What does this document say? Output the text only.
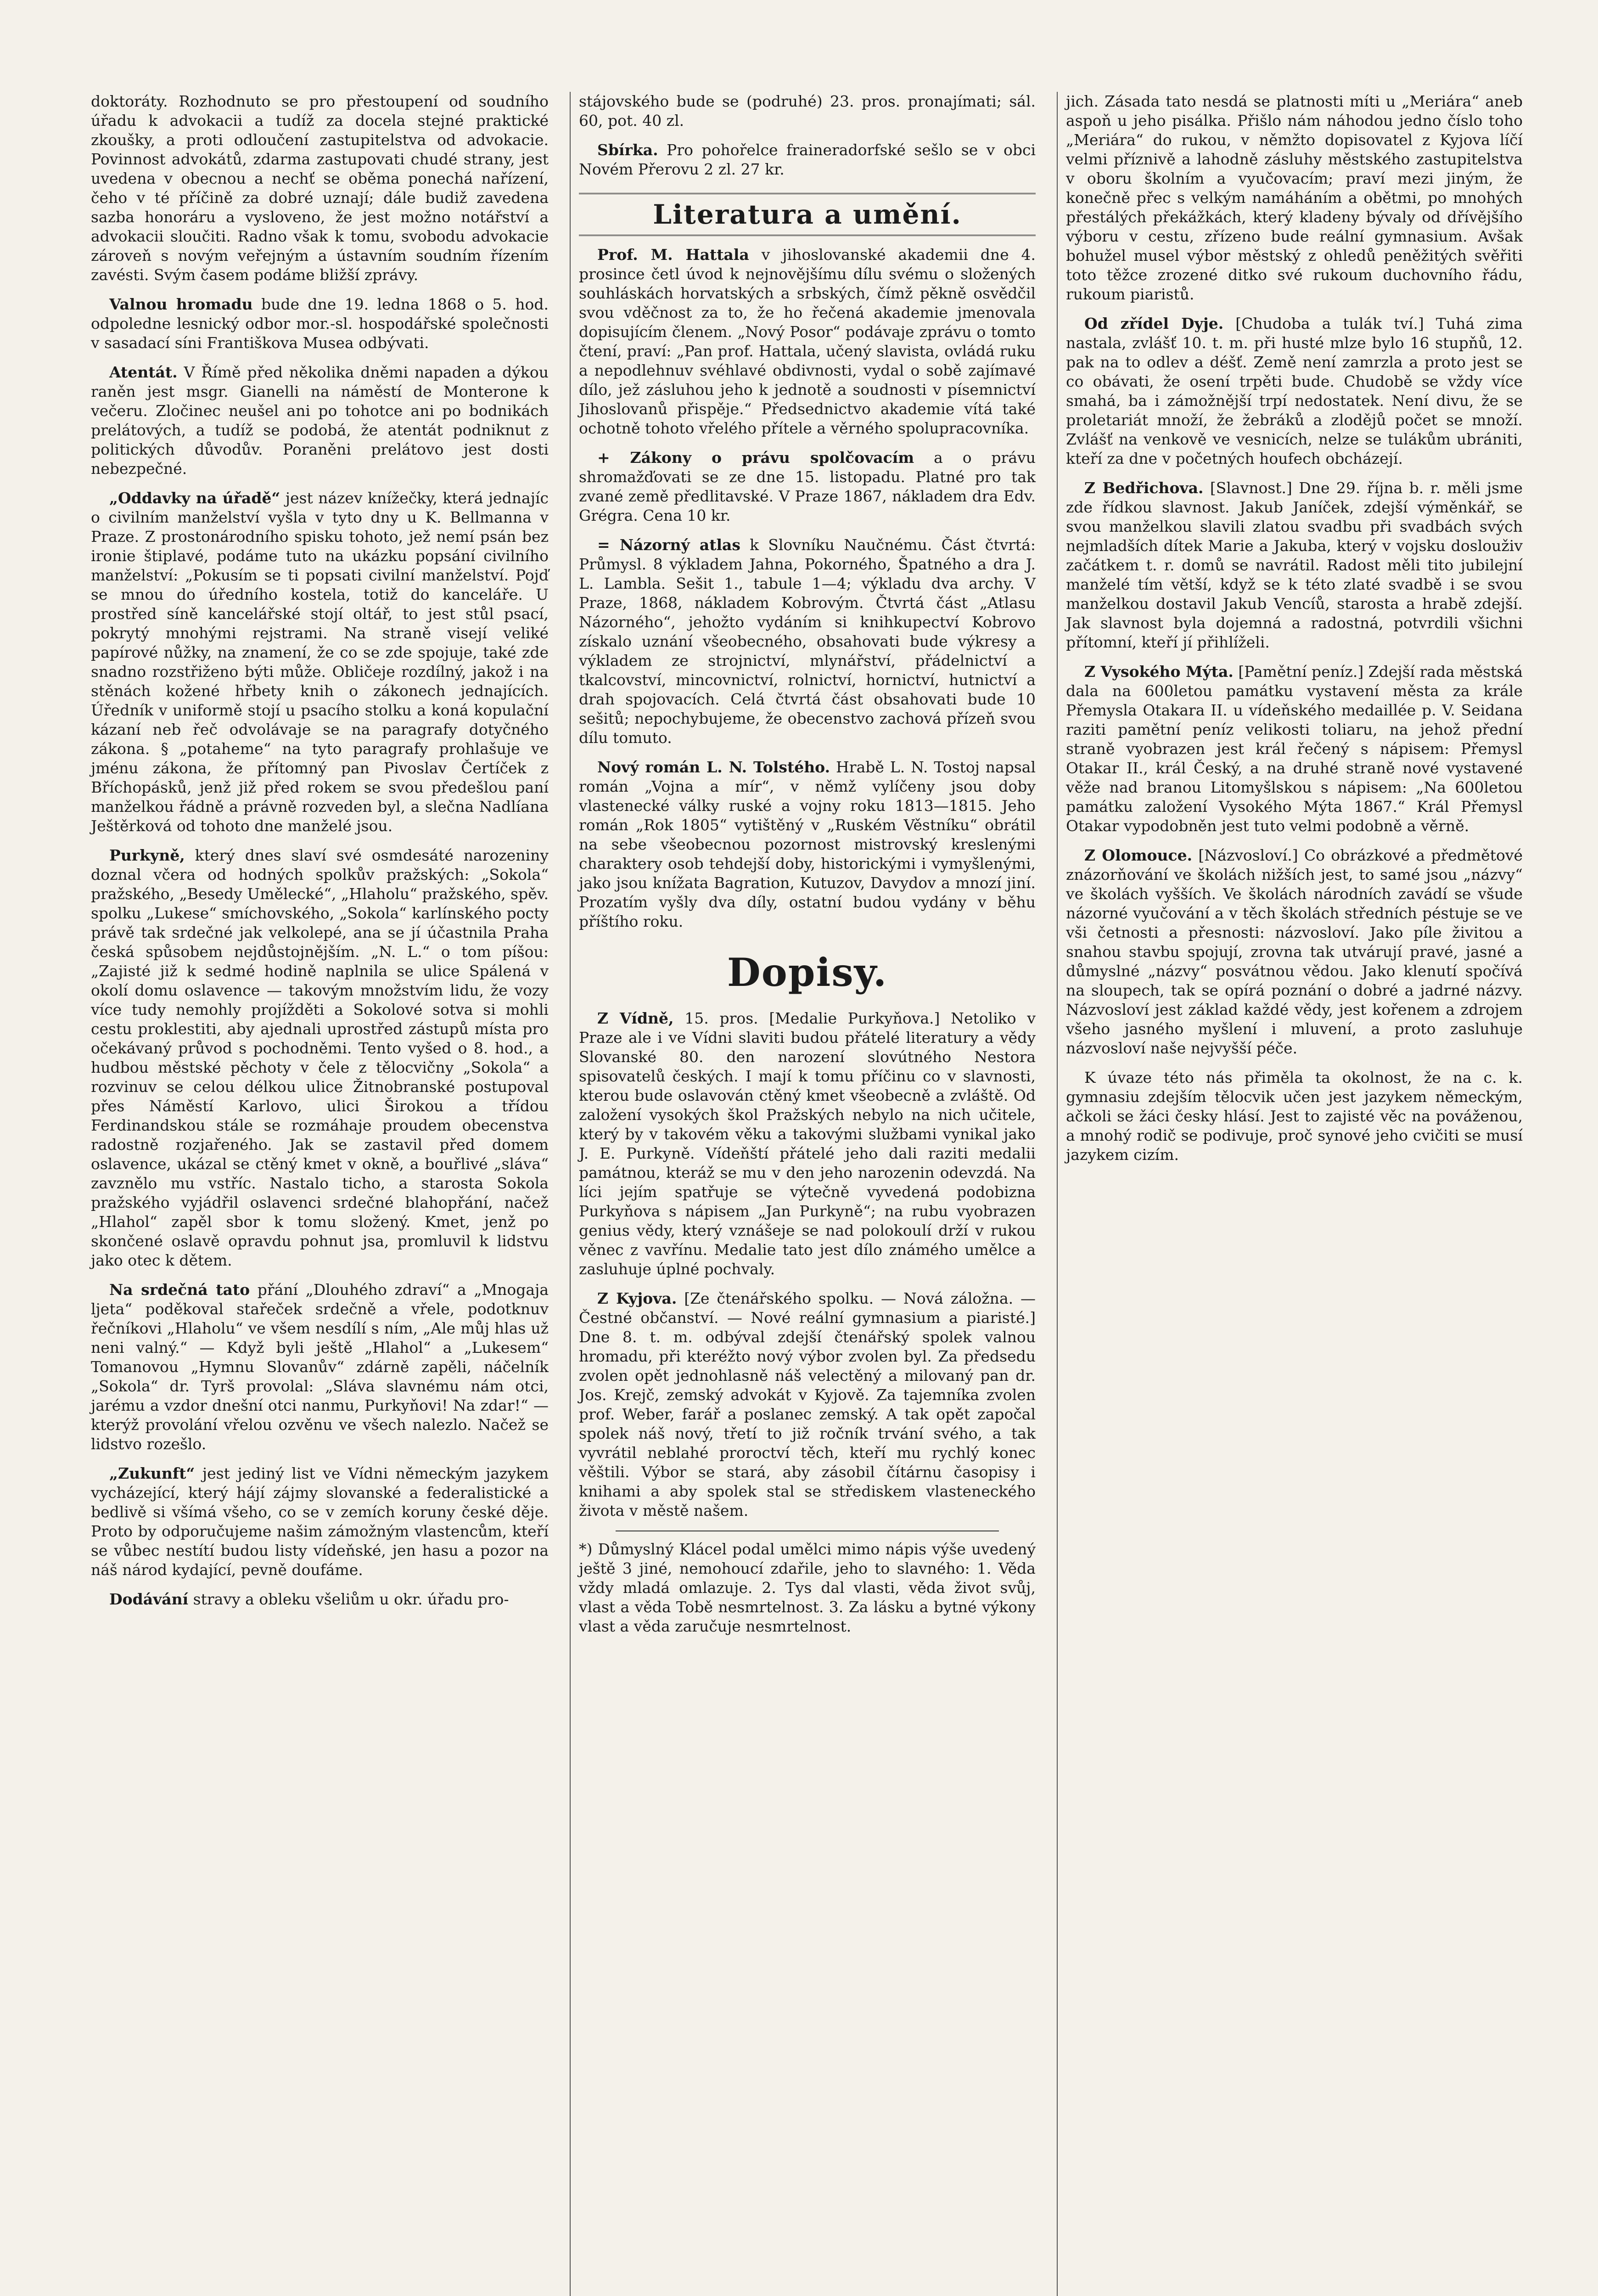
doktoráty. Rozhodnuto se pro přestoupení od soudního úřadu k advokacii a tudíž za docela stejné praktické zkoušky, a proti odloučení zastupitelstva od advokacie. Povinnost advokátů, zdarma zastupovati chudé strany, jest uvedena v obecnou a nechť se oběma ponechá nařízení, čeho v té příčině za dobré uznají; dále budiž zavedena sazba honoráru a vysloveno, že jest možno notářství a advokacii sloučiti. Radno však k tomu, svobodu advokacie zároveň s novým veřejným a ústavním soudním řízením zavésti. Svým časem podáme bližší zprávy.

Valnou hromadu bude dne 19. ledna 1868 o 5. hod. odpoledne lesnický odbor mor.-sl. hospodářské společnosti v sasadací síni Františkova Musea odbývati.

Atentát. V Římě před několika dněmi napaden a dýkou raněn jest msgr. Gianelli na náměstí de Monterone k večeru. Zločinec neušel ani po tohotce ani po bodnikách prelátových, a tudíž se podobá, že atentát podniknut z politických důvodův. Poraněni prelátovo jest dosti nebezpečné.

„Oddavky na úřadě“ jest název knížečky, která jednajíc o civilním manželství vyšla v tyto dny u K. Bellmanna v Praze. Z prostonárodního spisku tohoto, jež nemí psán bez ironie štiplavé, podáme tuto na ukázku popsání civilního manželství: „Pokusím se ti popsati civilní manželství. Pojď se mnou do úředního kostela, totiž do kanceláře. U prostřed síně kancelářské stojí oltář, to jest stůl psací, pokrytý mnohými rejstrami. Na straně visejí veliké papírové nůžky, na znamení, že co se zde spojuje, také zde snadno rozstřiženo býti může. Obličeje rozdílný, jakož i na stěnách kožené hřbety knih o zákonech jednajících. Úředník v uniformě stojí u psacího stolku a koná kopulační kázaní neb řeč odvolávaje se na paragrafy dotyčného zákona. § „potaheme“ na tyto paragrafy prohlašuje ve jménu zákona, že přítomný pan Pivoslav Čertíček z Bříchopásků, jenž již před rokem se svou předešlou paní manželkou řádně a právně rozveden byl, a slečna Nadlíana Ještěrková od tohoto dne manželé jsou.

Purkyně, který dnes slaví své osmdesáté narozeniny doznal včera od hodných spolkův pražských: „Sokola“ pražského, „Besedy Umělecké“, „Hlaholu“ pražského, spěv. spolku „Lukese“ smíchovského, „Sokola“ karlínského pocty právě tak srdečné jak velkolepé, ana se jí účastnila Praha česká spůsobem nejdůstojnějším. „N. L.“ o tom píšou: „Zajisté již k sedmé hodině naplnila se ulice Spálená v okolí domu oslavence — takovým množstvím lidu, že vozy více tudy nemohly projížděti a Sokolové sotva si mohli cestu proklestiti, aby ajednali uprostřed zástupů místa pro očekávaný průvod s pochodněmi. Tento vyšed o 8. hod., a hudbou městské pěchoty v čele z tělocvičny „Sokola“ a rozvinuv se celou délkou ulice Žitnobranské postupoval přes Náměstí Karlovo, ulici Širokou a třídou Ferdinandskou stále se rozmáhaje proudem obecenstva radostně rozjařeného. Jak se zastavil před domem oslavence, ukázal se ctěný kmet v okně, a bouřlivé „sláva“ zavznělo mu vstříc. Nastalo ticho, a starosta Sokola pražského vyjádřil oslavenci srdečné blahopřání, načež „Hlahol“ zapěl sbor k tomu složený. Kmet, jenž po skončené oslavě opravdu pohnut jsa, promluvil k lidstvu jako otec k dětem.

Na srdečná tato přání „Dlouhého zdraví“ a „Mnogaja ljeta“ poděkoval stařeček srdečně a vřele, podotknuv řečníkovi „Hlaholu“ ve všem nesdílí s ním, „Ale můj hlas už neni valný.“ — Když byli ještě „Hlahol“ a „Lukesem“ Tomanovou „Hymnu Slovanův“ zdárně zapěli, náčelník „Sokola“ dr. Tyrš provolal: „Sláva slavnému nám otci, jarému a vzdor dnešní otci nanmu, Purkyňovi! Na zdar!“ — kterýž provolání vřelou ozvěnu ve všech nalezlo. Načež se lidstvo rozešlo.

„Zukunft“ jest jediný list ve Vídni německým jazykem vycházející, který hájí zájmy slovanské a federalistické a bedlivě si všímá všeho, co se v zemích koruny české děje. Proto by odporučujeme našim zámožným vlastencům, kteří se vůbec nestítí budou listy vídeňské, jen hasu a pozor na náš národ kydající, pevně doufáme.

Dodávání stravy a obleku všeliům u okr. úřadu pro-

stájovského bude se (podruhé) 23. pros. pronajímati; sál. 60, pot. 40 zl.

Sbírka. Pro pohořelce fraineradorfské sešlo se v obci Novém Přerovu 2 zl. 27 kr.

Literatura a umění.

Prof. M. Hattala v jihoslovanské akademii dne 4. prosince četl úvod k nejnovějšímu dílu svému o složených souhláskách horvatských a srbských, čímž pěkně osvědčil svou vděčnost za to, že ho řečená akademie jmenovala dopisujícím členem. „Nový Posor“ podávaje zprávu o tomto čtení, praví: „Pan prof. Hattala, učený slavista, ovládá ruku a nepodlehnuv svéhlavé obdivnosti, vydal o sobě zajímavé dílo, jež zásluhou jeho k jednotě a soudnosti v písemnictví Jihoslovanů přispěje.“ Předsednictvo akademie vítá také ochotně tohoto vřelého přítele a věrného spolupracovníka.

+ Zákony o právu spolčovacím a o právu shromažďovati se ze dne 15. listopadu. Platné pro tak zvané země předlitavské. V Praze 1867, nákladem dra Edv. Grégra. Cena 10 kr.

= Názorný atlas k Slovníku Naučnému. Část čtvrtá: Průmysl. 8 výkladem Jahna, Pokorného, Špatného a dra J. L. Lambla. Sešit 1., tabule 1—4; výkladu dva archy. V Praze, 1868, nákladem Kobrovým. Čtvrtá část „Atlasu Názorného“, jehožto vydáním si knihkupectví Kobrovo získalo uznání všeobecného, obsahovati bude výkresy a výkladem ze strojnictví, mlynářství, přádelnictví a tkalcovství, mincovnictví, rolnictví, hornictví, hutnictví a drah spojovacích. Celá čtvrtá část obsahovati bude 10 sešitů; nepochybujeme, že obecenstvo zachová přízeň svou dílu tomuto.

Nový román L. N. Tolstého. Hrabě L. N. Tostoj napsal román „Vojna a mír“, v němž vylíčeny jsou doby vlastenecké války ruské a vojny roku 1813—1815. Jeho román „Rok 1805“ vytištěný v „Ruském Věstníku“ obrátil na sebe všeobecnou pozornost mistrovský kreslenými charaktery osob tehdejší doby, historickými i vymyšlenými, jako jsou knížata Bagration, Kutuzov, Davydov a mnozí jiní. Prozatím vyšly dva díly, ostatní budou vydány v běhu příštího roku.

Dopisy.

Z Vídně, 15. pros. [Medalie Purkyňova.] Netoliko v Praze ale i ve Vídni slaviti budou přátelé literatury a vědy Slovanské 80. den narození slovútného Nestora spisovatelů českých. I mají k tomu příčinu co v slavnosti, kterou bude oslavován ctěný kmet všeobecně a zvláště. Od založení vysokých škol Pražských nebylo na nich učitele, který by v takovém věku a takovými službami vynikal jako J. E. Purkyně. Vídeňští přátelé jeho dali raziti medalii památnou, kteráž se mu v den jeho narozenin odevzdá. Na líci jejím spatřuje se výtečně vyvedená podobizna Purkyňova s nápisem „Jan Purkyně“; na rubu vyobrazen genius vědy, který vznášeje se nad polokoulí drží v rukou věnec z vavřínu. Medalie tato jest dílo známého umělce a zasluhuje úplné pochvaly.

Z Kyjova. [Ze čtenářského spolku. — Nová záložna. — Čestné občanství. — Nové reální gymnasium a piaristé.] Dne 8. t. m. odbýval zdejší čtenářský spolek valnou hromadu, při kteréžto nový výbor zvolen byl. Za předsedu zvolen opět jednohlasně náš velectěný a milovaný pan dr. Jos. Krejč, zemský advokát v Kyjově. Za tajemníka zvolen prof. Weber, farář a poslanec zemský. A tak opět započal spolek náš nový, třetí to již ročník trvání svého, a tak vyvrátil neblahé proroctví těch, kteří mu rychlý konec věštili. Výbor se stará, aby zásobil čítárnu časopisy i knihami a aby spolek stal se střediskem vlasteneckého života v městě našem.

*) Důmyslný Klácel podal umělci mimo nápis výše uvedený ještě 3 jiné, nemohoucí zdařile, jeho to slavného: 1. Věda vždy mladá omlazuje. 2. Tys dal vlasti, věda život svůj, vlast a věda Tobě nesmrtelnost. 3. Za lásku a bytné výkony vlast a věda zaručuje nesmrtelnost.

jich. Zásada tato nesdá se platnosti míti u „Meriára“ aneb aspoň u jeho pisálka. Přišlo nám náhodou jedno číslo toho „Meriára“ do rukou, v němžto dopisovatel z Kyjova líčí velmi příznivě a lahodně zásluhy městského zastupitelstva v oboru školním a vyučovacím; praví mezi jiným, že konečně přec s velkým namáháním a obětmi, po mnohých přestálých překážkách, který kladeny bývaly od dřívějšího výboru v cestu, zřízeno bude reální gymnasium. Avšak bohužel musel výbor městský z ohledů peněžitých svěřiti toto těžce zrozené ditko své rukoum duchovního řádu, rukoum piaristů.

Od zřídel Dyje. [Chudoba a tulák tví.] Tuhá zima nastala, zvlášť 10. t. m. při husté mlze bylo 16 stupňů, 12. pak na to odlev a déšť. Země není zamrzla a proto jest se co obávati, že osení trpěti bude. Chudobě se vždy více smahá, ba i zámožnější trpí nedostatek. Není divu, že se proletariát množí, že žebráků a zlodějů počet se množí. Zvlášť na venkově ve vesnicích, nelze se tulákům ubrániti, kteří za dne v početných houfech obcházejí.

Z Bedřichova. [Slavnost.] Dne 29. října b. r. měli jsme zde řídkou slavnost. Jakub Janíček, zdejší výměnkář, se svou manželkou slavili zlatou svadbu při svadbách svých nejmladších dítek Marie a Jakuba, který v vojsku doslouživ začátkem t. r. domů se navrátil. Radost měli tito jubilejní manželé tím větší, když se k této zlaté svadbě i se svou manželkou dostavil Jakub Vencíů, starosta a hrabě zdejší. Jak slavnost byla dojemná a radostná, potvrdili všichni přítomní, kteří jí přihlíželi.

Z Vysokého Mýta. [Pamětní peníz.] Zdejší rada městská dala na 600letou památku vystavení města za krále Přemysla Otakara II. u vídeňského medaillée p. V. Seidana raziti pamětní peníz velikosti toliaru, na jehož přední straně vyobrazen jest král řečený s nápisem: Přemysl Otakar II., král Český, a na druhé straně nové vystavené věže nad branou Litomyšlskou s nápisem: „Na 600letou památku založení Vysokého Mýta 1867.“ Král Přemysl Otakar vypodobněn jest tuto velmi podobně a věrně.

Z Olomouce. [Názvosloví.] Co obrázkové a předmětové znázorňování ve školách nižších jest, to samé jsou „názvy“ ve školách vyšších. Ve školách národních zavádí se všude názorné vyučování a v těch školách středních péstuje se ve vši četnosti a přesnosti: názvosloví. Jako píle živitou a snahou stavbu spojují, zrovna tak utvárují pravé, jasné a důmyslné „názvy“ posvátnou vědou. Jako klenutí spočívá na sloupech, tak se opírá poznání o dobré a jadrné názvy. Názvosloví jest základ každé vědy, jest kořenem a zdrojem všeho jasného myšlení i mluvení, a proto zasluhuje názvosloví naše nejvyšší péče.

K úvaze této nás přiměla ta okolnost, že na c. k. gymnasiu zdejším tělocvik učen jest jazykem německým, ačkoli se žáci česky hlásí. Jest to zajisté věc na pováženou, a mnohý rodič se podivuje, proč synové jeho cvičiti se musí jazykem cizím.
